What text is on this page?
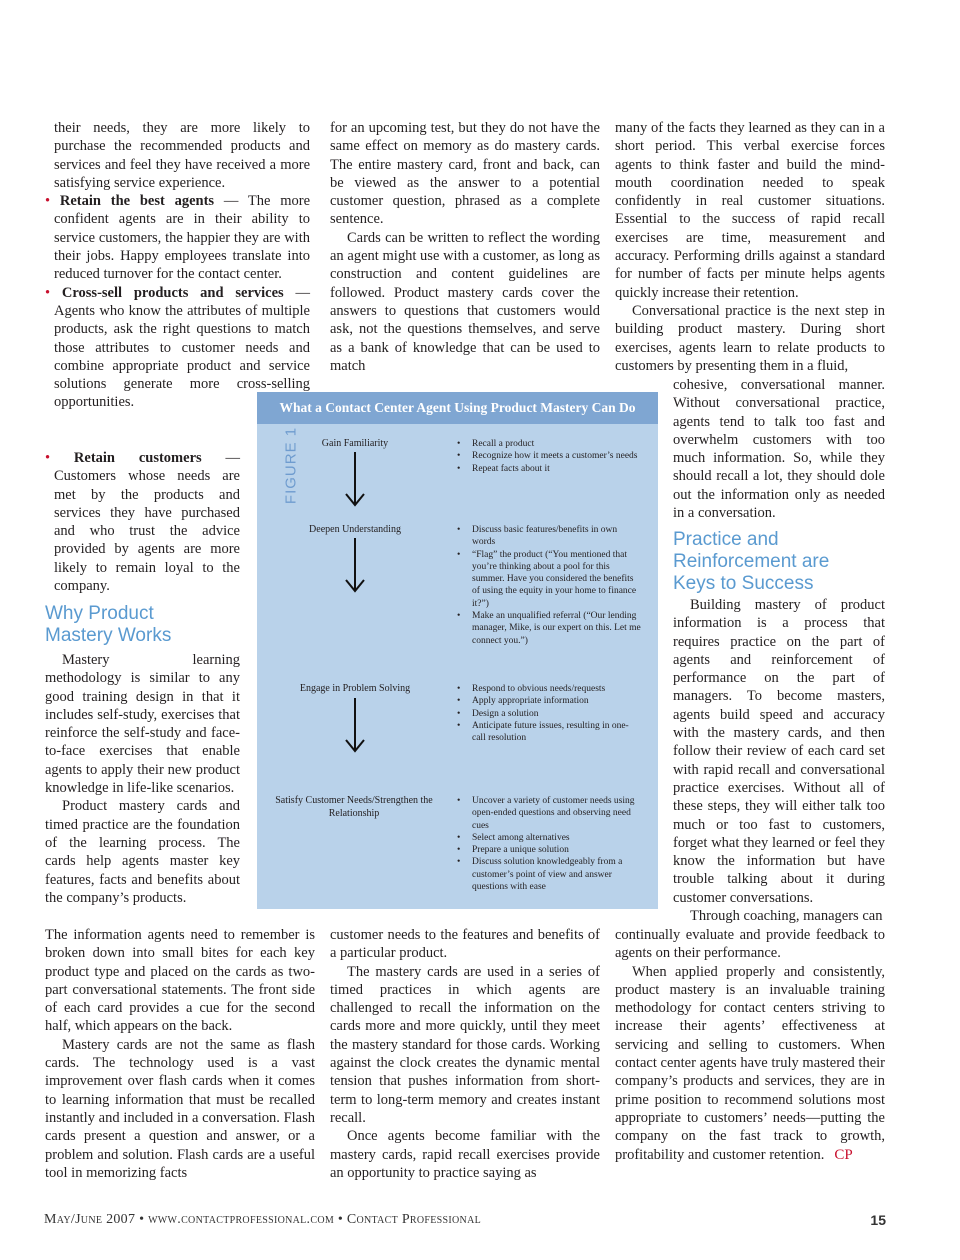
their needs, they are more likely to purchase the recommended products and services and feel they have received a more satisfying service experience.

• Retain the best agents — The more confident agents are in their ability to service customers, the happier they are with their jobs. Happy employees translate into reduced turnover for the contact center.

• Cross-sell products and services — Agents who know the attributes of multiple products, ask the right questions to match those attributes to customer needs and combine appropriate product and service solutions generate more cross-selling opportunities.

• Retain customers — Customers whose needs are met by the products and services they have purchased and who trust the advice provided by agents are more likely to remain loyal to the company.

Why Product Mastery Works

Mastery learning methodology is similar to any good training design in that it includes self-study, exercises that reinforce the self-study and face-to-face exercises that enable agents to apply their new product knowledge in life-like scenarios.

Product mastery cards and timed practice are the foundation of the learning process. The cards help agents master key features, facts and benefits about the company’s products.

The information agents need to remember is broken down into small bites for each key product type and placed on the cards as two-part conversational statements. The front side of each card provides a cue for the second half, which appears on the back.

Mastery cards are not the same as flash cards. The technology used is a vast improvement over flash cards when it comes to learning information that must be recalled instantly and included in a conversation. Flash cards present a question and answer, or a problem and solution. Flash cards are a useful tool in memorizing facts

for an upcoming test, but they do not have the same effect on memory as do mastery cards. The entire mastery card, front and back, can be viewed as the answer to a potential customer question, phrased as a complete sentence.

Cards can be written to reflect the wording an agent might use with a customer, as long as construction and content guidelines are followed. Product mastery cards cover the answers to questions that customers would ask, not the questions themselves, and serve as a bank of knowledge that can be used to match

customer needs to the features and benefits of a particular product.

The mastery cards are used in a series of timed practices in which agents are challenged to recall the information on the cards more and more quickly, until they meet the mastery standard for those cards. Working against the clock creates the dynamic mental tension that pushes information from short-term to long-term memory and creates instant recall.

Once agents become familiar with the mastery cards, rapid recall exercises provide an opportunity to practice saying as

many of the facts they learned as they can in a short period. This verbal exercise forces agents to think faster and build the mind-mouth coordination needed to speak confidently in real customer situations. Essential to the success of rapid recall exercises are time, measurement and accuracy. Performing drills against a standard for number of facts per minute helps agents quickly increase their retention.

Conversational practice is the next step in building product mastery. During short exercises, agents learn to relate products to customers by presenting them in a fluid,

cohesive, conversational manner. Without conversational practice, agents tend to talk too fast and overwhelm customers with too much information. So, while they should recall a lot, they should dole out the information only as needed in a conversation.

Practice and Reinforcement are Keys to Success

Building mastery of product information is a process that requires practice on the part of agents and reinforcement of performance on the part of managers. To become masters, agents build speed and accuracy with the mastery cards, and then follow their review of each card set with rapid recall and conversational practice exercises. Without all of these steps, they will either talk too much or too fast to customers, forget what they learned or feel they know the information but have trouble talking about it during customer conversations.

Through coaching, managers can

continually evaluate and provide feedback to agents on their performance.

When applied properly and consistently, product mastery is an invaluable training methodology for contact centers striving to increase their agents’ effectiveness at servicing and selling to customers. When contact center agents have truly mastered their company’s products and services, they are in prime position to recommend solutions most appropriate to customers’ needs—putting the company on the fast track to growth, profitability and customer retention. CP

What a Contact Center Agent Using Product Mastery Can Do
FIGURE 1	Gain Familiarity	• Recall a product
• Recognize how it meets a customer’s needs
• Repeat facts about it
Deepen Understanding	• Discuss basic features/benefits in own words
• “Flag” the product (“You mentioned that you’re thinking about a pool for this summer. Have you considered the benefits of using the equity in your home to finance it?”)
• Make an unqualified referral (“Our lending manager, Mike, is our expert on this. Let me connect you.”)
Engage in Problem Solving	• Respond to obvious needs/requests
• Apply appropriate information
• Design a solution
• Anticipate future issues, resulting in one-call resolution
Satisfy Customer Needs/Strengthen the Relationship
• Uncover a variety of customer needs using open-ended questions and observing need cues
• Select among alternatives
• Prepare a unique solution
• Discuss solution knowledgeably from a customer’s point of view and answer questions with ease
May/June 2007 • www.contactprofessional.com • Contact Professional	15
